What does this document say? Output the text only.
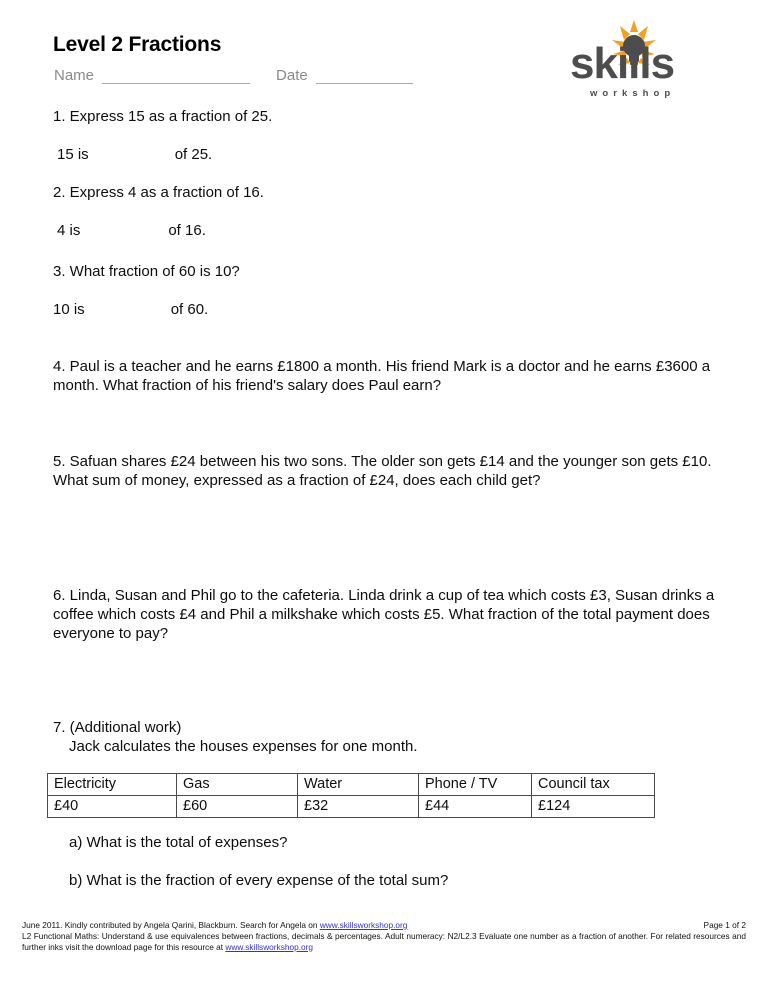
Level 2 Fractions
Name	Date	skills
w o r k s h o p
1. Express 15 as a fraction of 25.
15 is	of 25.
2. Express 4 as a fraction of 16.
4 is	of 16.
3. What fraction of 60 is 10?
10 is	of 60.
4. Paul is a teacher and he earns £1800 a month. His friend Mark is a doctor and he earns £3600 a month. What fraction of his friend's salary does Paul earn?
5. Safuan shares £24 between his two sons. The older son gets £14 and the younger son gets £10. What sum of money, expressed as a fraction of £24, does each child get?
6. Linda, Susan and Phil go to the cafeteria. Linda drink a cup of tea which costs £3, Susan drinks a coffee which costs £4 and Phil a milkshake which costs £5. What fraction of the total payment does everyone to pay?
7. (Additional work)
Jack calculates the houses expenses for one month.
Electricity	Gas	Water	Phone / TV	Council tax
£40	£60	£32	£44	£124
a) What is the total of expenses?
b) What is the fraction of every expense of the total sum?
June 2011. Kindly contributed by Angela Qarini, Blackburn. Search for Angela on www.skillsworkshop.org	Page 1 of 2
L2 Functional Maths: Understand & use equivalences between fractions, decimals & percentages. Adult numeracy: N2/L2.3 Evaluate one number as a fraction of another. For related resources and further inks visit the download page for this resource at www.skillsworkshop.org
